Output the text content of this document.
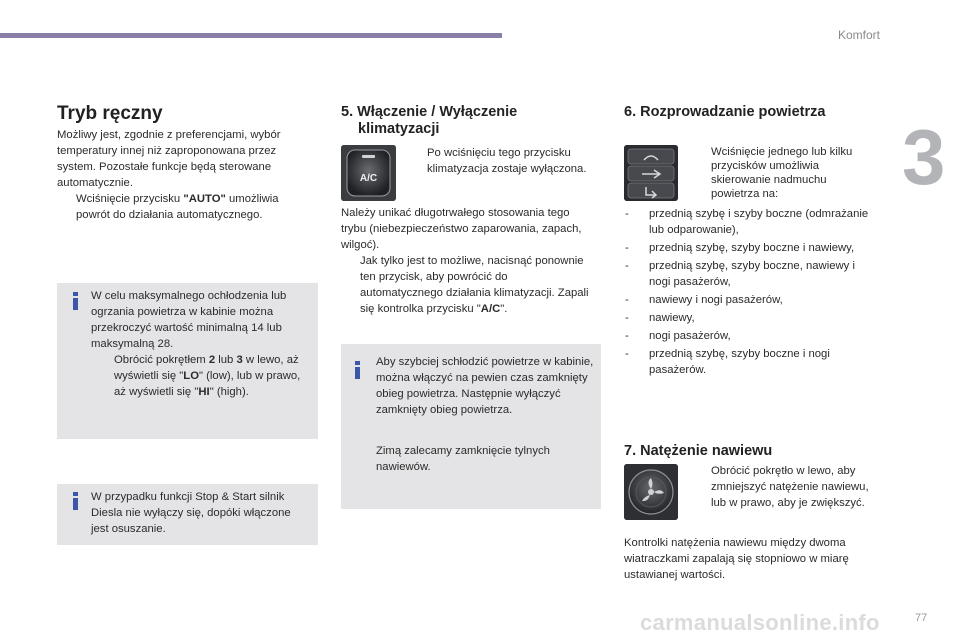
Komfort
3
77
carmanualsonline.info
Tryb ręczny
Możliwy jest, zgodnie z preferencjami, wybór temperatury innej niż zaproponowana przez system. Pozostałe funkcje będą sterowane automatycznie.
Wciśnięcie przycisku "AUTO" umożliwia powrót do działania automatycznego.
W celu maksymalnego ochłodzenia lub ogrzania powietrza w kabinie można przekroczyć wartość minimalną 14 lub maksymalną 28.
Obrócić pokrętłem 2 lub 3 w lewo, aż wyświetli się "LO" (low), lub w prawo, aż wyświetli się "HI" (high).
W przypadku funkcji Stop & Start silnik Diesla nie wyłączy się, dopóki włączone jest osuszanie.
5. Włączenie / Wyłączenie
klimatyzacji
A/C
Po wciśnięciu tego przycisku klimatyzacja zostaje wyłączona.
Należy unikać długotrwałego stosowania tego trybu (niebezpieczeństwo zaparowania, zapach, wilgoć).
Jak tylko jest to możliwe, nacisnąć ponownie ten przycisk, aby powrócić do automatycznego działania klimatyzacji. Zapali się kontrolka przycisku "A/C".
Aby szybciej schłodzić powietrze w kabinie, można włączyć na pewien czas zamknięty obieg powietrza. Następnie wyłączyć zamknięty obieg powietrza.
Zimą zalecamy zamknięcie tylnych nawiewów.
6. Rozprowadzanie powietrza
Wciśnięcie jednego lub kilku przycisków umożliwia skierowanie nadmuchu powietrza na:
- przednią szybę i szyby boczne (odmrażanie lub odparowanie),
- przednią szybę, szyby boczne i nawiewy,
- przednią szybę, szyby boczne, nawiewy i nogi pasażerów,
- nawiewy i nogi pasażerów,
- nawiewy,
- nogi pasażerów,
- przednią szybę, szyby boczne i nogi pasażerów.
7. Natężenie nawiewu
Obrócić pokrętło w lewo, aby zmniejszyć natężenie nawiewu, lub w prawo, aby je zwiększyć.
Kontrolki natężenia nawiewu między dwoma wiatraczkami zapalają się stopniowo w miarę ustawianej wartości.
